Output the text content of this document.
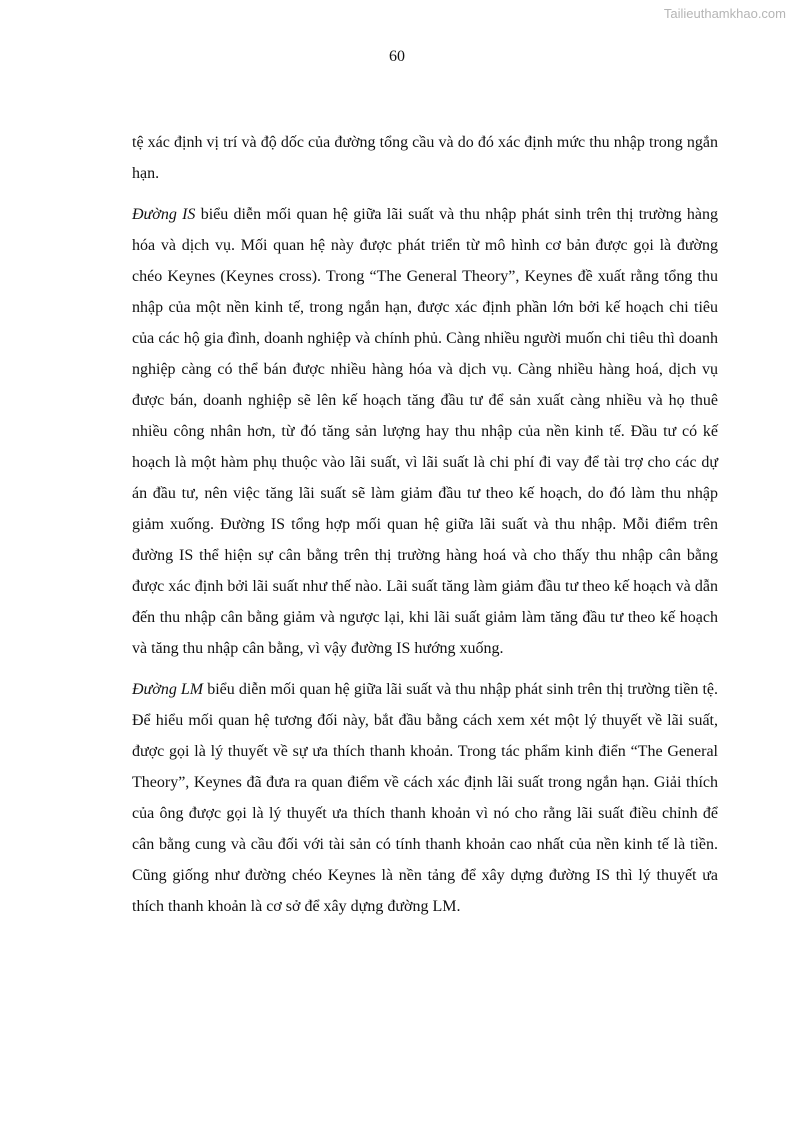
Tailieuthamkhao.com
60

tệ xác định vị trí và độ dốc của đường tổng cầu và do đó xác định mức thu nhập trong ngắn hạn.

Đường IS biểu diễn mối quan hệ giữa lãi suất và thu nhập phát sinh trên thị trường hàng hóa và dịch vụ. Mối quan hệ này được phát triển từ mô hình cơ bản được gọi là đường chéo Keynes (Keynes cross). Trong “The General Theory”, Keynes đề xuất rằng tổng thu nhập của một nền kinh tế, trong ngắn hạn, được xác định phần lớn bởi kế hoạch chi tiêu của các hộ gia đình, doanh nghiệp và chính phủ. Càng nhiều người muốn chi tiêu thì doanh nghiệp càng có thể bán được nhiều hàng hóa và dịch vụ. Càng nhiều hàng hoá, dịch vụ được bán, doanh nghiệp sẽ lên kế hoạch tăng đầu tư để sản xuất càng nhiều và họ thuê nhiều công nhân hơn, từ đó tăng sản lượng hay thu nhập của nền kinh tế. Đầu tư có kế hoạch là một hàm phụ thuộc vào lãi suất, vì lãi suất là chi phí đi vay để tài trợ cho các dự án đầu tư, nên việc tăng lãi suất sẽ làm giảm đầu tư theo kế hoạch, do đó làm thu nhập giảm xuống. Đường IS tổng hợp mối quan hệ giữa lãi suất và thu nhập. Mỗi điểm trên đường IS thể hiện sự cân bằng trên thị trường hàng hoá và cho thấy thu nhập cân bằng được xác định bởi lãi suất như thế nào. Lãi suất tăng làm giảm đầu tư theo kế hoạch và dẫn đến thu nhập cân bằng giảm và ngược lại, khi lãi suất giảm làm tăng đầu tư theo kế hoạch và tăng thu nhập cân bằng, vì vậy đường IS hướng xuống.

Đường LM biểu diễn mối quan hệ giữa lãi suất và thu nhập phát sinh trên thị trường tiền tệ. Để hiểu mối quan hệ tương đối này, bắt đầu bằng cách xem xét một lý thuyết về lãi suất, được gọi là lý thuyết về sự ưa thích thanh khoản. Trong tác phẩm kinh điển “The General Theory”, Keynes đã đưa ra quan điểm về cách xác định lãi suất trong ngắn hạn. Giải thích của ông được gọi là lý thuyết ưa thích thanh khoản vì nó cho rằng lãi suất điều chỉnh để cân bằng cung và cầu đối với tài sản có tính thanh khoản cao nhất của nền kinh tế là tiền. Cũng giống như đường chéo Keynes là nền tảng để xây dựng đường IS thì lý thuyết ưa thích thanh khoản là cơ sở để xây dựng đường LM.
